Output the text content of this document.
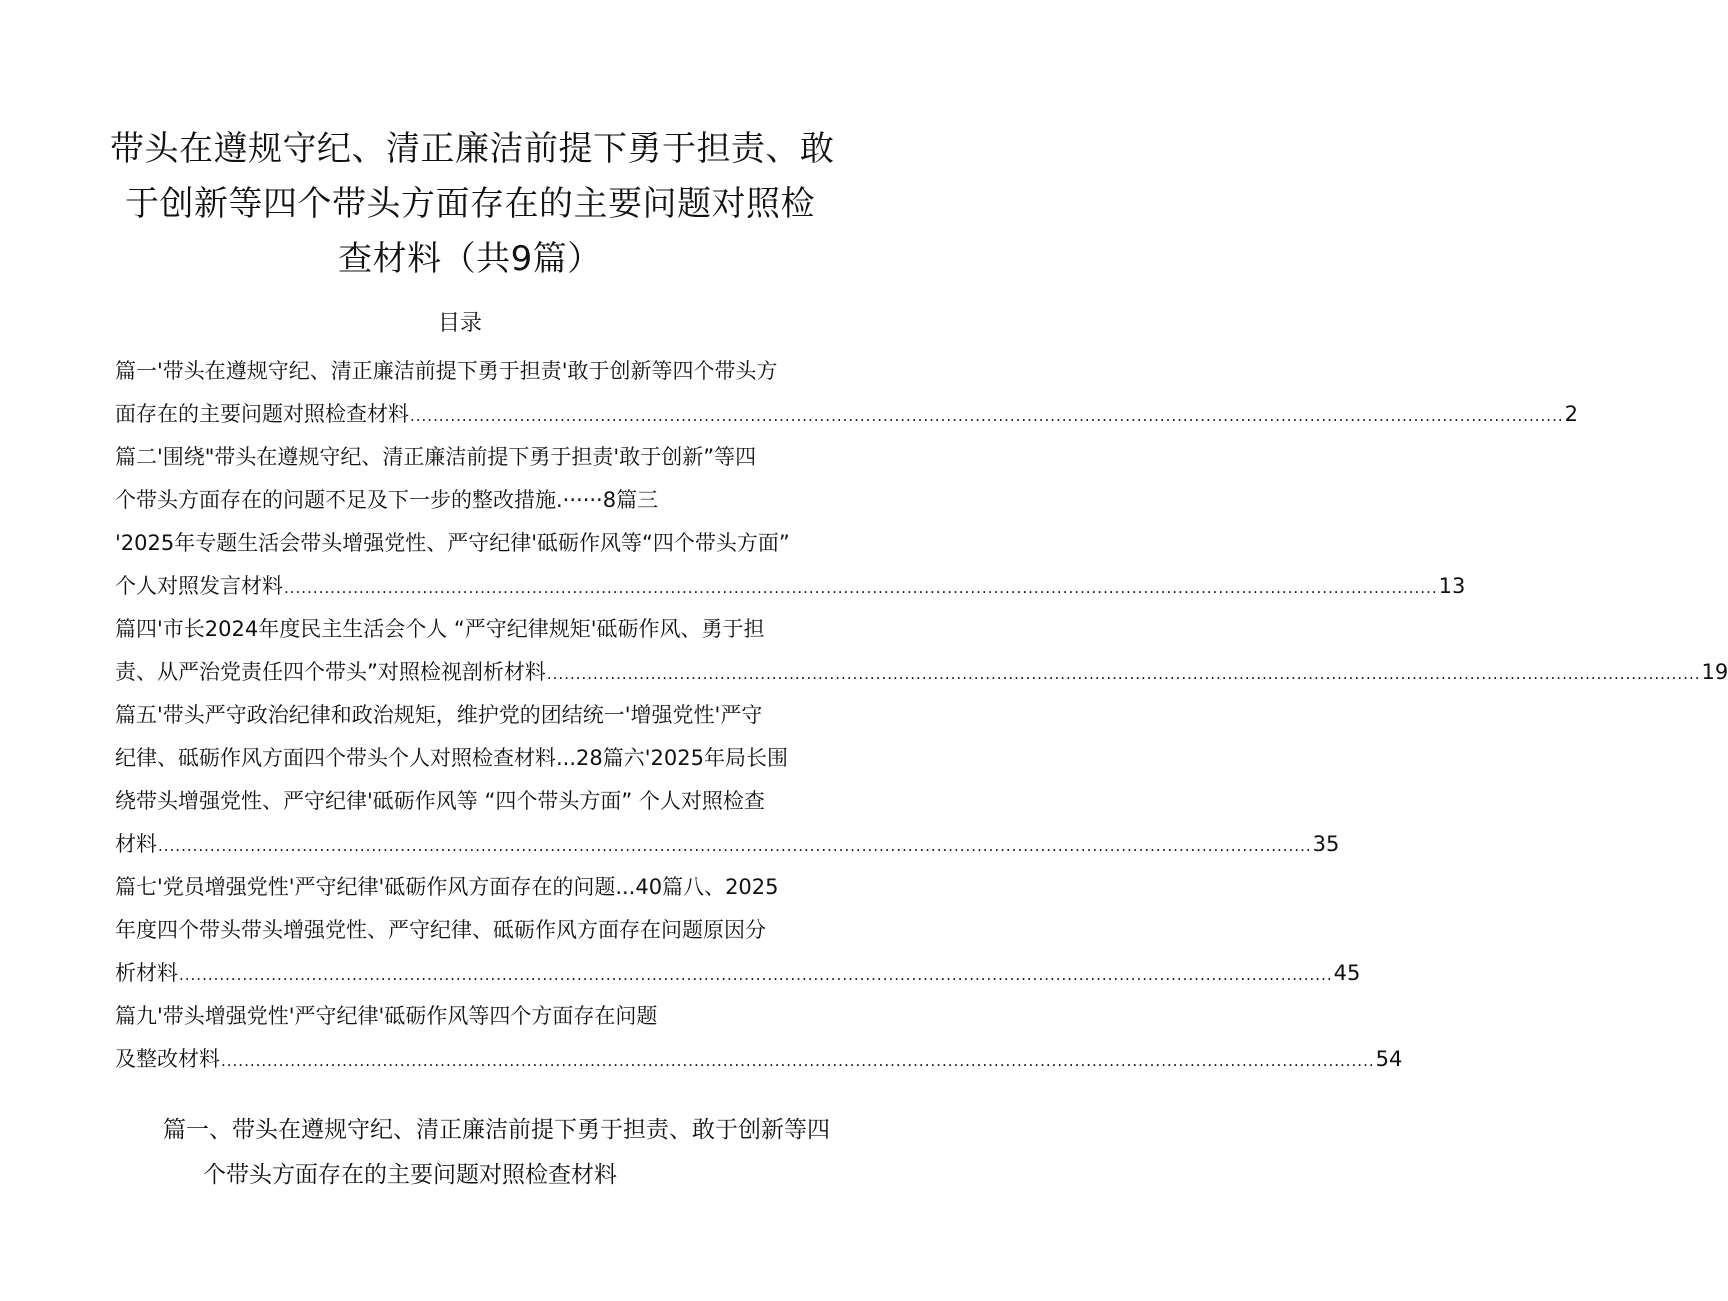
带头在遵规守纪、清正廉洁前提下勇于担责、敢
于创新等四个带头方面存在的主要问题对照检
查材料（共9篇）
目录
篇一'带头在遵规守纪、清正廉洁前提下勇于担责'敢于创新等四个带头方
面存在的主要问题对照检查材料 ........................................................................................................................................................................................................ 2
篇二'围绕"带头在遵规守纪、清正廉洁前提下勇于担责'敢于创新”等四
个带头方面存在的问题不足及下一步的整改措施.······8篇三
'2025年专题生活会带头增强党性、严守纪律'砥砺作风等“四个带头方面”
个人对照发言材料 ........................................................................................................................................................................................................ 13
篇四'市长2024年度民主生活会个人 “严守纪律规矩'砥砺作风、勇于担
责、从严治党责任四个带头”对照检视剖析材料 ........................................................................................................................................................................................................ 19
篇五'带头严守政治纪律和政治规矩，维护党的团结统一'增强党性'严守
纪律、砥砺作风方面四个带头个人对照检查材料...28篇六'2025年局长围
绕带头增强党性、严守纪律'砥砺作风等 “四个带头方面” 个人对照检查
材料 ........................................................................................................................................................................................................ 35
篇七'党员增强党性'严守纪律'砥砺作风方面存在的问题...40篇八、2025
年度四个带头带头增强党性、严守纪律、砥砺作风方面存在问题原因分
析材料 ........................................................................................................................................................................................................ 45
篇九'带头增强党性'严守纪律'砥砺作风等四个方面存在问题
及整改材料 ........................................................................................................................................................................................................ 54
篇一、带头在遵规守纪、清正廉洁前提下勇于担责、敢于创新等四
个带头方面存在的主要问题对照检查材料
